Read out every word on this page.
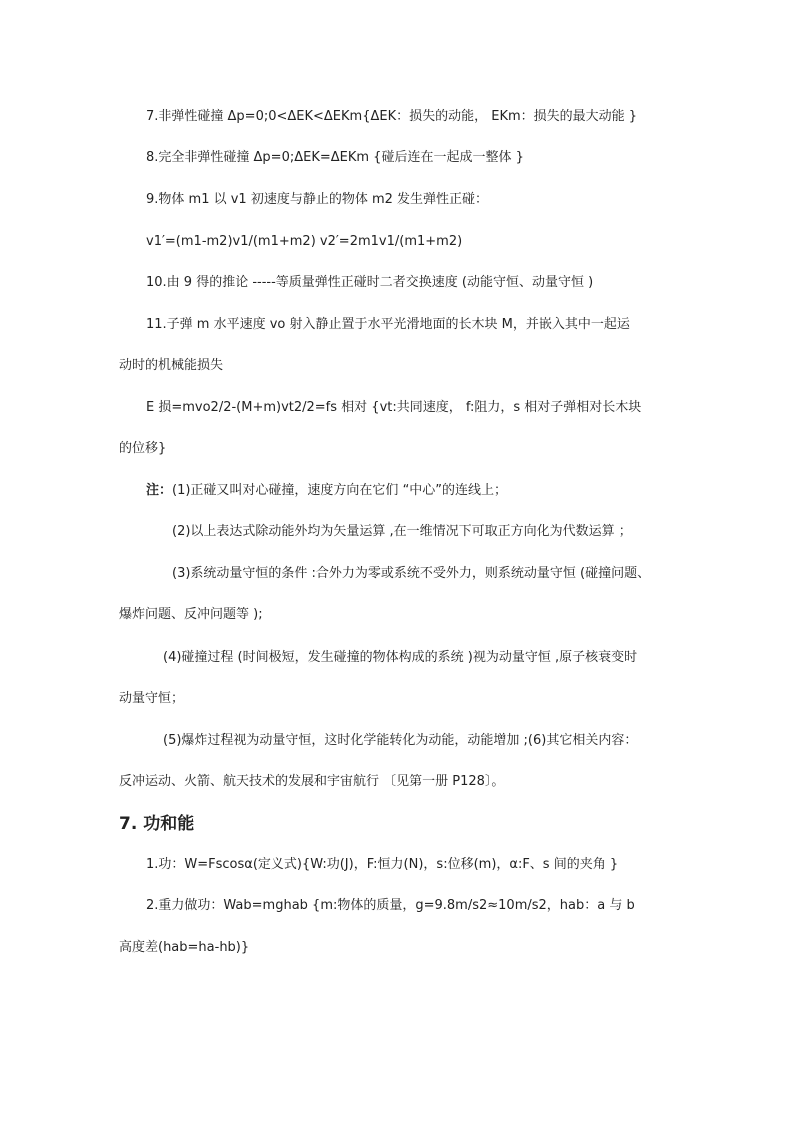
7.非弹性碰撞 Δp=0;0<ΔEK<ΔEKm{ΔEK：损失的动能， EKm：损失的最大动能 }
8.完全非弹性碰撞 Δp=0;ΔEK=ΔEKm {碰后连在一起成一整体 }
9.物体 m1 以 v1 初速度与静止的物体 m2 发生弹性正碰：
v1′=(m1-m2)v1/(m1+m2) v2′=2m1v1/(m1+m2)
10.由 9 得的推论 -----等质量弹性正碰时二者交换速度 (动能守恒、动量守恒 )
11.子弹 m 水平速度 vo 射入静止置于水平光滑地面的长木块 M，并嵌入其中一起运
动时的机械能损失
E 损=mvo2/2-(M+m)vt2/2=fs 相对 {vt:共同速度， f:阻力，s 相对子弹相对长木块
的位移}
注：(1)正碰又叫对心碰撞，速度方向在它们 “中心”的连线上；
(2)以上表达式除动能外均为矢量运算 ,在一维情况下可取正方向化为代数运算 ；
(3)系统动量守恒的条件 :合外力为零或系统不受外力，则系统动量守恒 (碰撞问题、
爆炸问题、反冲问题等 );
(4)碰撞过程 (时间极短，发生碰撞的物体构成的系统 )视为动量守恒 ,原子核衰变时
动量守恒；
(5)爆炸过程视为动量守恒，这时化学能转化为动能，动能增加 ;(6)其它相关内容：
反冲运动、火箭、航天技术的发展和宇宙航行 〔见第一册 P128〕。
7. 功和能
1.功：W=Fscosα(定义式){W:功(J)，F:恒力(N)，s:位移(m)，α:F、s 间的夹角 }
2.重力做功：Wab=mghab {m:物体的质量，g=9.8m/s2≈10m/s2，hab：a 与 b
高度差(hab=ha-hb)}
